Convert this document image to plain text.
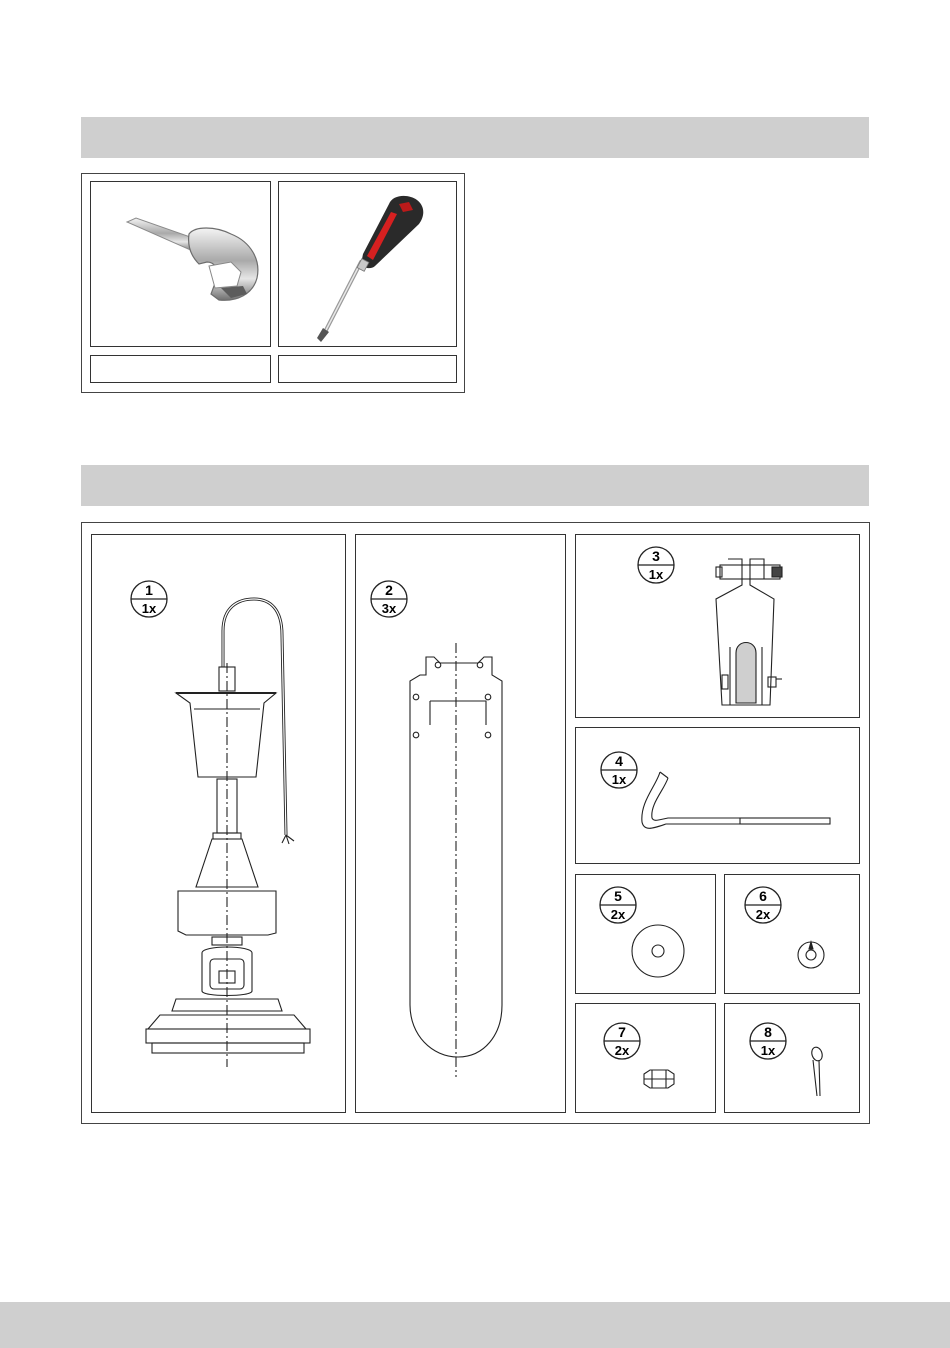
1
1x
2
3x
3
1x
4
1x
5
2x
6
2x
7
2x
8
1x
